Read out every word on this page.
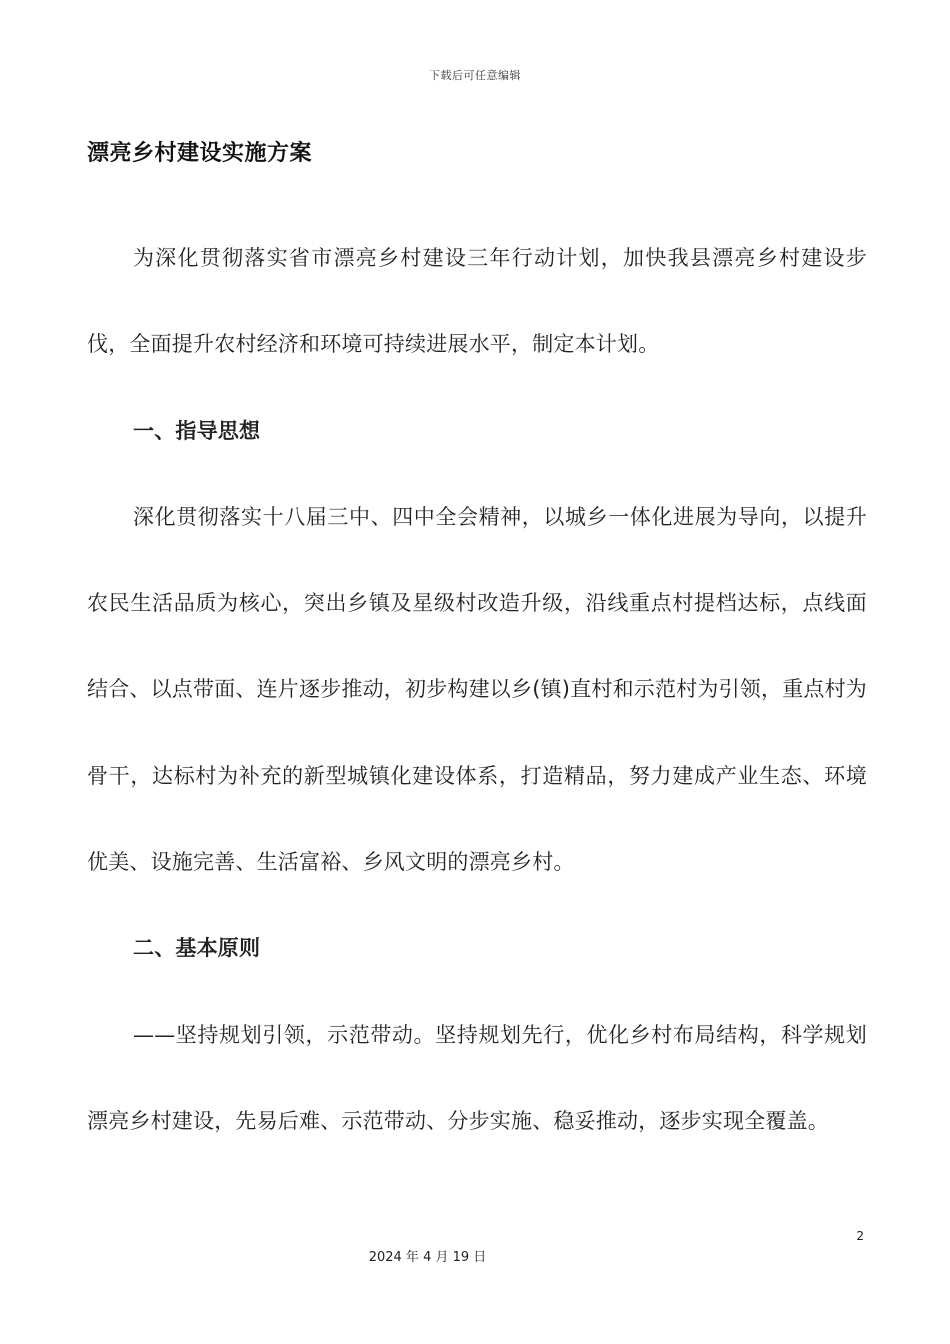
下载后可任意编辑
漂亮乡村建设实施方案

为深化贯彻落实省市漂亮乡村建设三年行动计划，加快我县漂亮乡村建设步伐，全面提升农村经济和环境可持续进展水平，制定本计划。

一、指导思想

深化贯彻落实十八届三中、四中全会精神，以城乡一体化进展为导向，以提升农民生活品质为核心，突出乡镇及星级村改造升级，沿线重点村提档达标，点线面结合、以点带面、连片逐步推动，初步构建以乡(镇)直村和示范村为引领，重点村为骨干，达标村为补充的新型城镇化建设体系，打造精品，努力建成产业生态、环境优美、设施完善、生活富裕、乡风文明的漂亮乡村。

二、基本原则

——坚持规划引领，示范带动。坚持规划先行，优化乡村布局结构，科学规划漂亮乡村建设，先易后难、示范带动、分步实施、稳妥推动，逐步实现全覆盖。

2
2024 年 4 月 19 日
